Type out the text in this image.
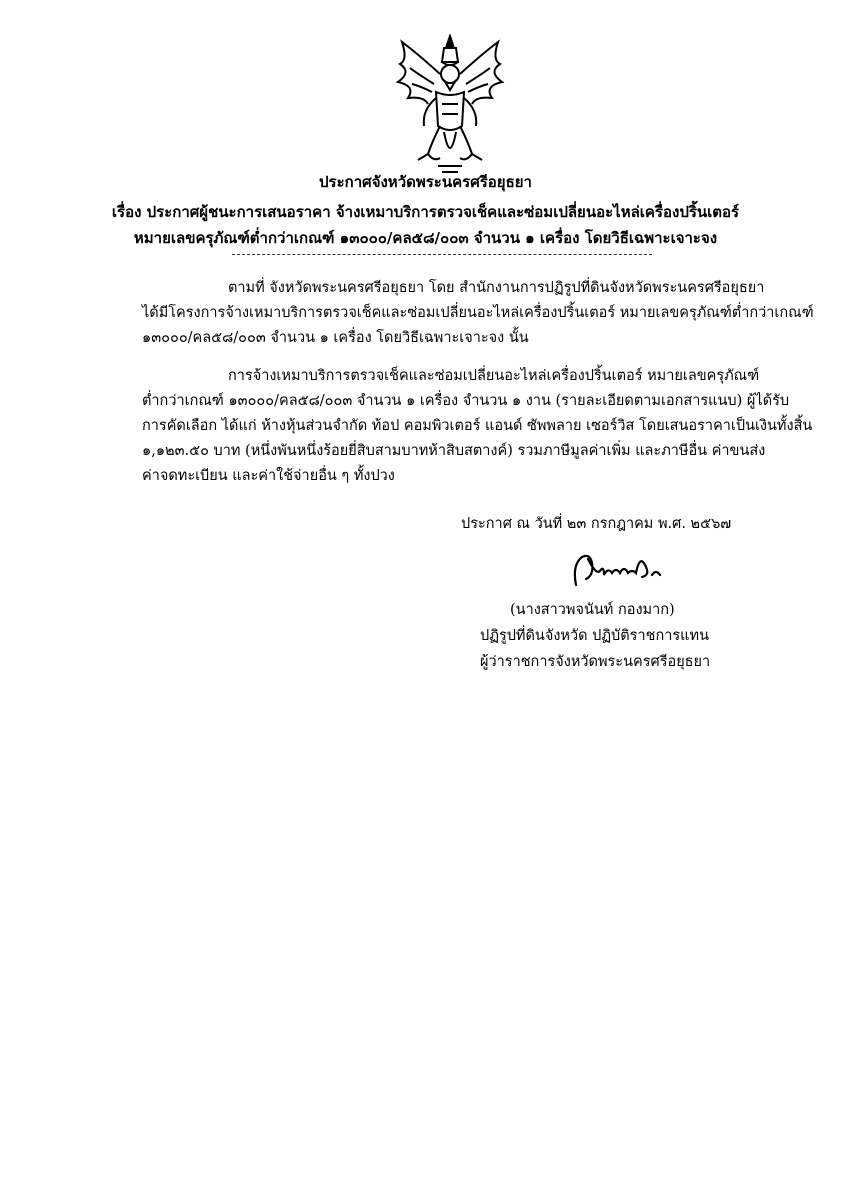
ประกาศจังหวัดพระนครศรีอยุธยา
เรื่อง ประกาศผู้ชนะการเสนอราคา จ้างเหมาบริการตรวจเช็คและซ่อมเปลี่ยนอะไหล่เครื่องปริ้นเตอร์
หมายเลขครุภัณฑ์ต่ำกว่าเกณฑ์ ๑๓๐๐๐/คล๕๘/๐๐๓ จำนวน ๑ เครื่อง โดยวิธีเฉพาะเจาะจง
ตามที่ จังหวัดพระนครศรีอยุธยา โดย สำนักงานการปฏิรูปที่ดินจังหวัดพระนครศรีอยุธยา
ได้มีโครงการจ้างเหมาบริการตรวจเช็คและซ่อมเปลี่ยนอะไหล่เครื่องปริ้นเตอร์ หมายเลขครุภัณฑ์ต่ำกว่าเกณฑ์
๑๓๐๐๐/คล๕๘/๐๐๓ จำนวน ๑ เครื่อง โดยวิธีเฉพาะเจาะจง นั้น
การจ้างเหมาบริการตรวจเช็คและซ่อมเปลี่ยนอะไหล่เครื่องปริ้นเตอร์ หมายเลขครุภัณฑ์
ต่ำกว่าเกณฑ์ ๑๓๐๐๐/คล๕๘/๐๐๓ จำนวน ๑ เครื่อง จำนวน ๑ งาน (รายละเอียดตามเอกสารแนบ) ผู้ได้รับ
การคัดเลือก ได้แก่ ห้างหุ้นส่วนจำกัด ท้อป คอมพิวเตอร์ แอนด์ ซัพพลาย เซอร์วิส โดยเสนอราคาเป็นเงินทั้งสิ้น
๑,๑๒๓.๕๐ บาท (หนึ่งพันหนึ่งร้อยยี่สิบสามบาทห้าสิบสตางค์) รวมภาษีมูลค่าเพิ่ม และภาษีอื่น ค่าขนส่ง
ค่าจดทะเบียน และค่าใช้จ่ายอื่น ๆ ทั้งปวง
ประกาศ ณ วันที่ ๒๓ กรกฎาคม พ.ศ. ๒๕๖๗
(นางสาวพจนันท์ กองมาก)
ปฏิรูปที่ดินจังหวัด ปฏิบัติราชการแทน
ผู้ว่าราชการจังหวัดพระนครศรีอยุธยา
